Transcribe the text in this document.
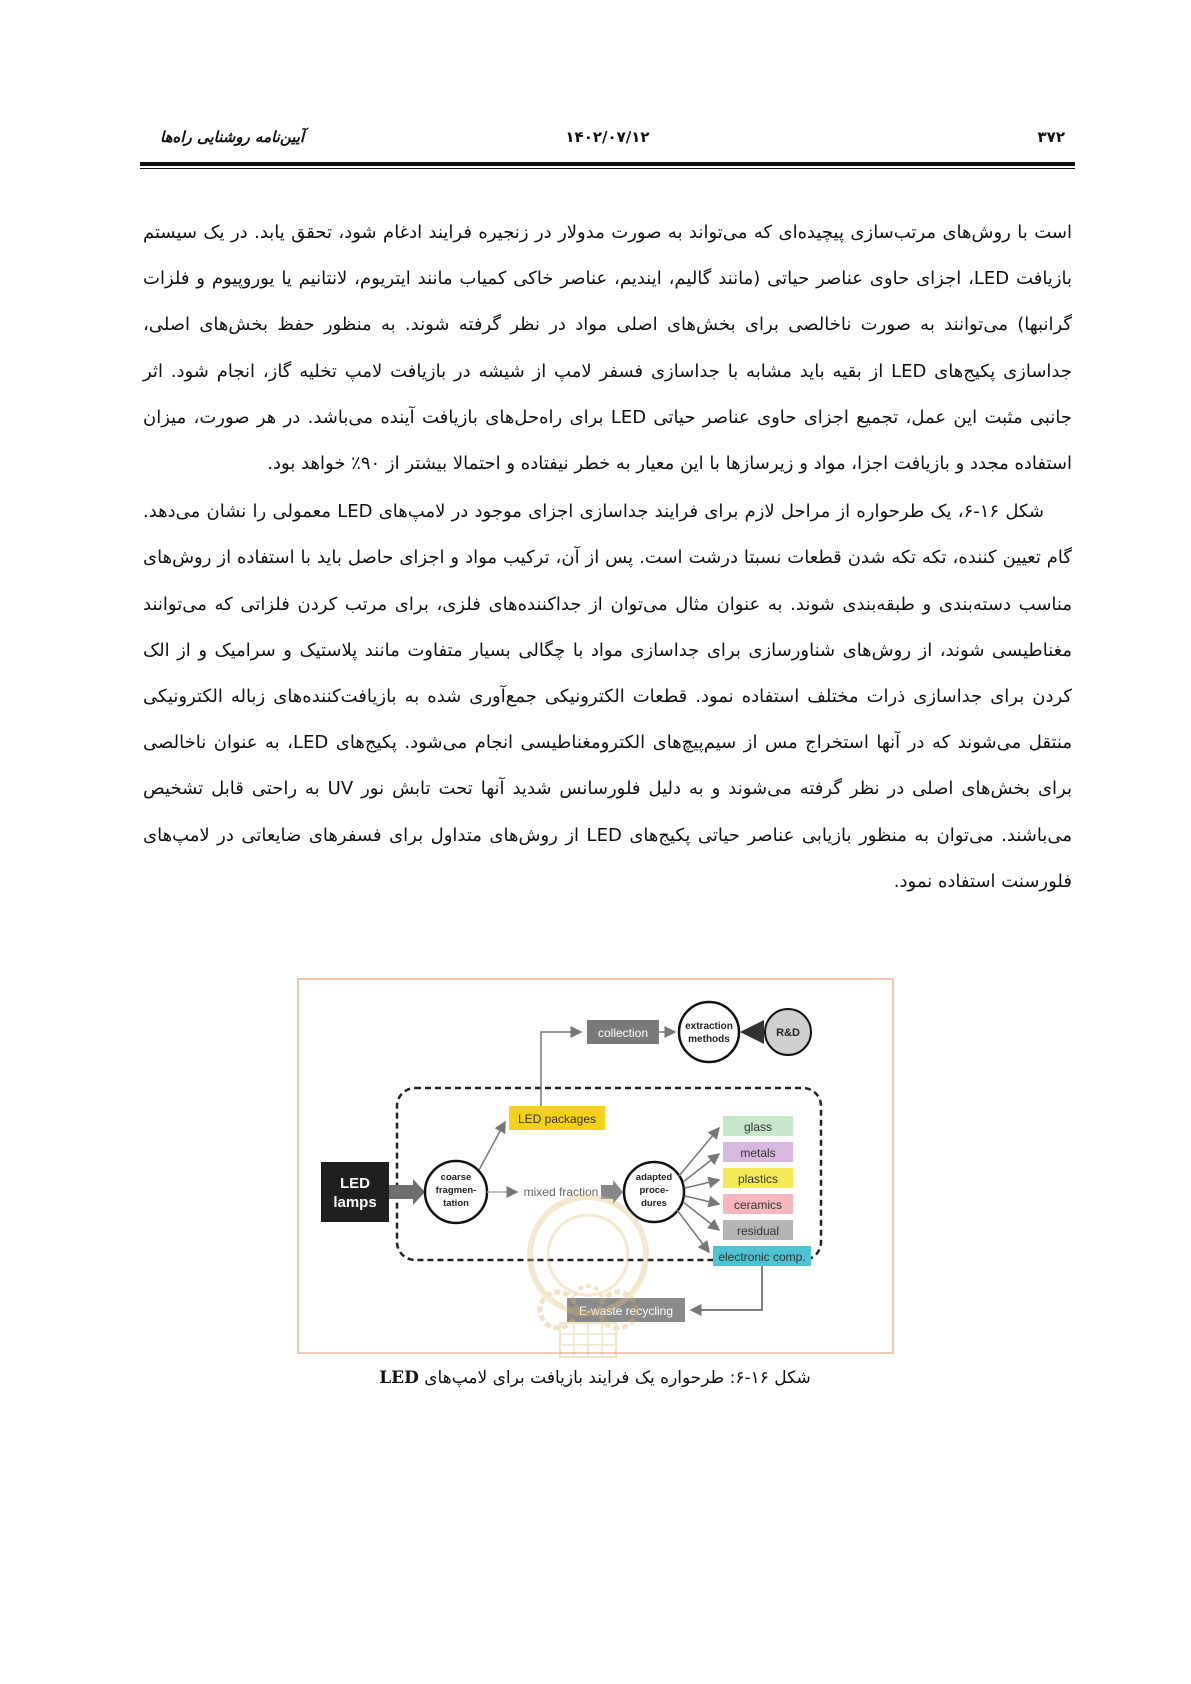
آیین‌نامه روشنایی راه‌ها	۱۴۰۲/۰۷/۱۲	۳۷۲

است با روش‌های مرتب‌سازی پیچیده‌ای که می‌تواند به صورت مدولار در زنجیره فرایند ادغام شود، تحقق یابد. در یک سیستم بازیافت LED، اجزای حاوی عناصر حیاتی (مانند گالیم، ایندیم، عناصر خاکی کمیاب مانند ایتریوم، لانتانیم یا یوروپیوم و فلزات گرانبها) می‌توانند به صورت ناخالصی برای بخش‌های اصلی مواد در نظر گرفته شوند. به منظور حفظ بخش‌های اصلی، جداسازی پکیج‌های LED از بقیه باید مشابه با جداسازی فسفر لامپ از شیشه در بازیافت لامپ تخلیه گاز، انجام شود. اثر جانبی مثبت این عمل، تجمیع اجزای حاوی عناصر حیاتی LED برای راه‌حل‌های بازیافت آینده می‌باشد. در هر صورت، میزان استفاده مجدد و بازیافت اجزا، مواد و زیرسازها با این معیار به خطر نیفتاده و احتمالا بیشتر از ۹۰٪ خواهد بود.

شکل ۱۶-۶، یک طرحواره از مراحل لازم برای فرایند جداسازی اجزای موجود در لامپ‌های LED معمولی را نشان می‌دهد. گام تعیین کننده، تکه تکه شدن قطعات نسبتا درشت است. پس از آن، ترکیب مواد و اجزای حاصل باید با استفاده از روش‌های مناسب دسته‌بندی و طبقه‌بندی شوند. به عنوان مثال می‌توان از جداکننده‌های فلزی، برای مرتب کردن فلزاتی که می‌توانند مغناطیسی شوند، از روش‌های شناورسازی برای جداسازی مواد با چگالی بسیار متفاوت مانند پلاستیک و سرامیک و از الک کردن برای جداسازی ذرات مختلف استفاده نمود. قطعات الکترونیکی جمع‌آوری شده به بازیافت‌کننده‌های زباله الکترونیکی منتقل می‌شوند که در آنها استخراج مس از سیم‌پیچ‌های الکترومغناطیسی انجام می‌شود. پکیج‌های LED، به عنوان ناخالصی برای بخش‌های اصلی در نظر گرفته می‌شوند و به دلیل فلورسانس شدید آنها تحت تابش نور UV به راحتی قابل تشخیص می‌باشند. می‌توان به منظور بازیابی عناصر حیاتی پکیج‌های LED از روش‌های متداول برای فسفرهای ضایعاتی در لامپ‌های فلورسنت استفاده نمود.

LED
lamps
coarse
fragmen-
tation
LED packages
collection	extraction
methods
R&D
mixed fraction
adapted
proce-
dures
glass
metals
plastics
ceramics
residual
electronic comp.
E-waste recycling
شکل ۱۶-۶: طرحواره یک فرایند بازیافت برای لامپ‌های LED
